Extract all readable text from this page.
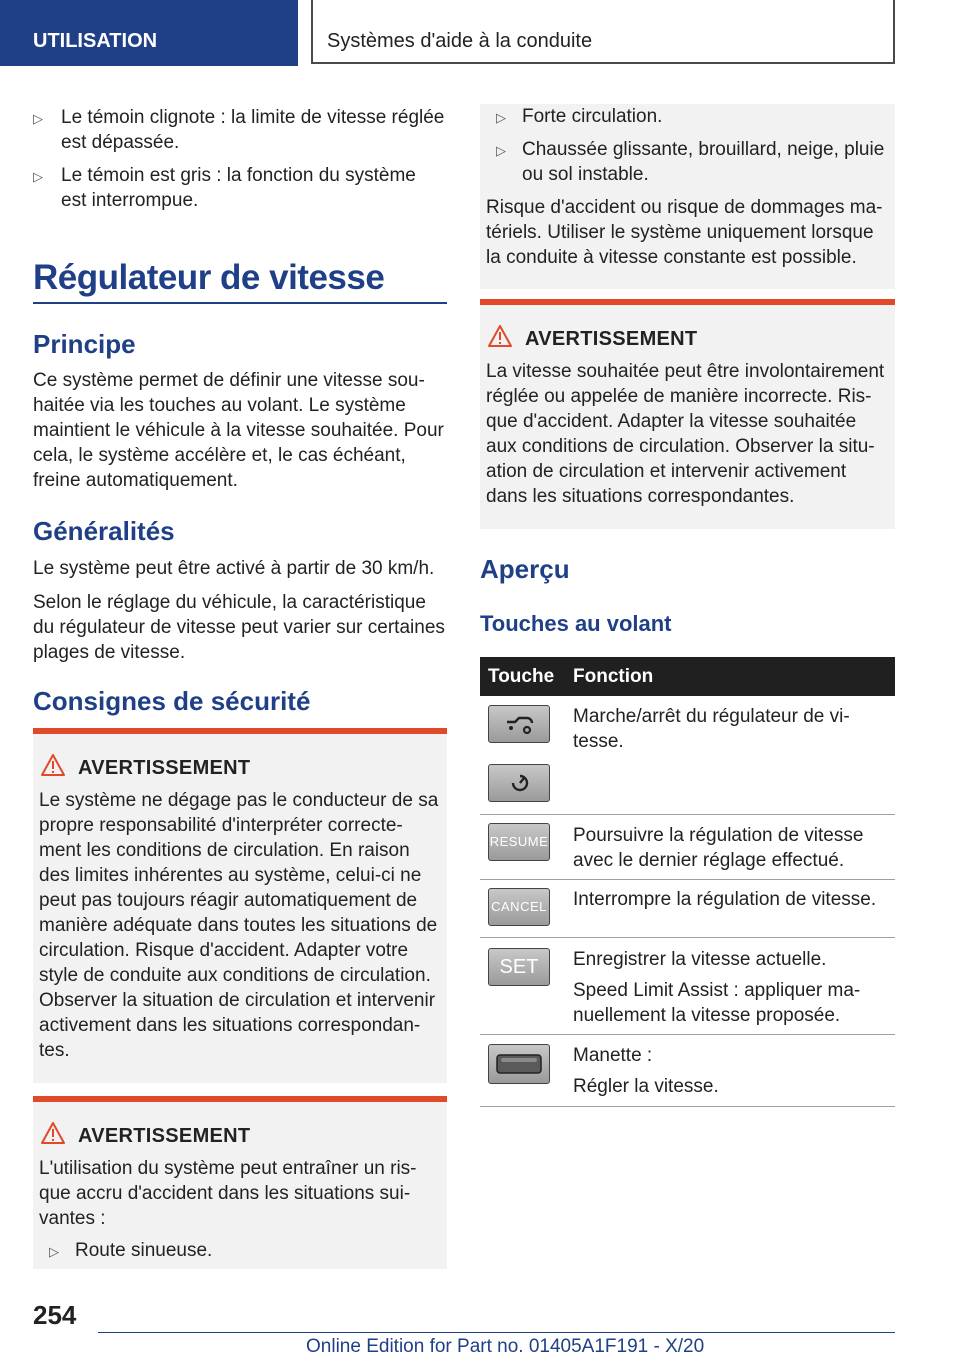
UTILISATION	Systèmes d'aide à la conduite
▷ Le témoin clignote : la limite de vitesse réglée
est dépassée.
▷ Le témoin est gris : la fonction du système
est interrompue.
Régulateur de vitesse
Principe

Ce système permet de définir une vitesse sou-

haitée via les touches au volant. Le système

maintient le véhicule à la vitesse souhaitée. Pour

cela, le système accélère et, le cas échéant,

freine automatiquement.

Généralités

Le système peut être activé à partir de 30 km/h.

Selon le réglage du véhicule, la caractéristique

du régulateur de vitesse peut varier sur certaines

plages de vitesse.

Consignes de sécurité
AVERTISSEMENT

Le système ne dégage pas le conducteur de sa

propre responsabilité d'interpréter correcte-

ment les conditions de circulation. En raison

des limites inhérentes au système, celui-ci ne

peut pas toujours réagir automatiquement de

manière adéquate dans toutes les situations de

circulation. Risque d'accident. Adapter votre

style de conduite aux conditions de circulation.

Observer la situation de circulation et intervenir

activement dans les situations correspondan-

tes.

AVERTISSEMENT

L'utilisation du système peut entraîner un ris-

que accru d'accident dans les situations sui-

vantes :

▷ Route sinueuse.
▷ Forte circulation.
▷ Chaussée glissante, brouillard, neige, pluie
ou sol instable.

Risque d'accident ou risque de dommages ma-

tériels. Utiliser le système uniquement lorsque

la conduite à vitesse constante est possible.

AVERTISSEMENT

La vitesse souhaitée peut être involontairement

réglée ou appelée de manière incorrecte. Ris-

que d'accident. Adapter la vitesse souhaitée

aux conditions de circulation. Observer la situ-

ation de circulation et intervenir activement

dans les situations correspondantes.

Aperçu
Touches au volant
Touche Fonction
Marche/arrêt du régulateur de vi-
tesse.
RESUME Poursuivre la régulation de vitesse
avec le dernier réglage effectué.
CANCEL Interrompre la régulation de vitesse.
SET	Enregistrer la vitesse actuelle.
Speed Limit Assist : appliquer ma-
nuellement la vitesse proposée.
Manette :
Régler la vitesse.
254
Online Edition for Part no. 01405A1F191 - X/20
